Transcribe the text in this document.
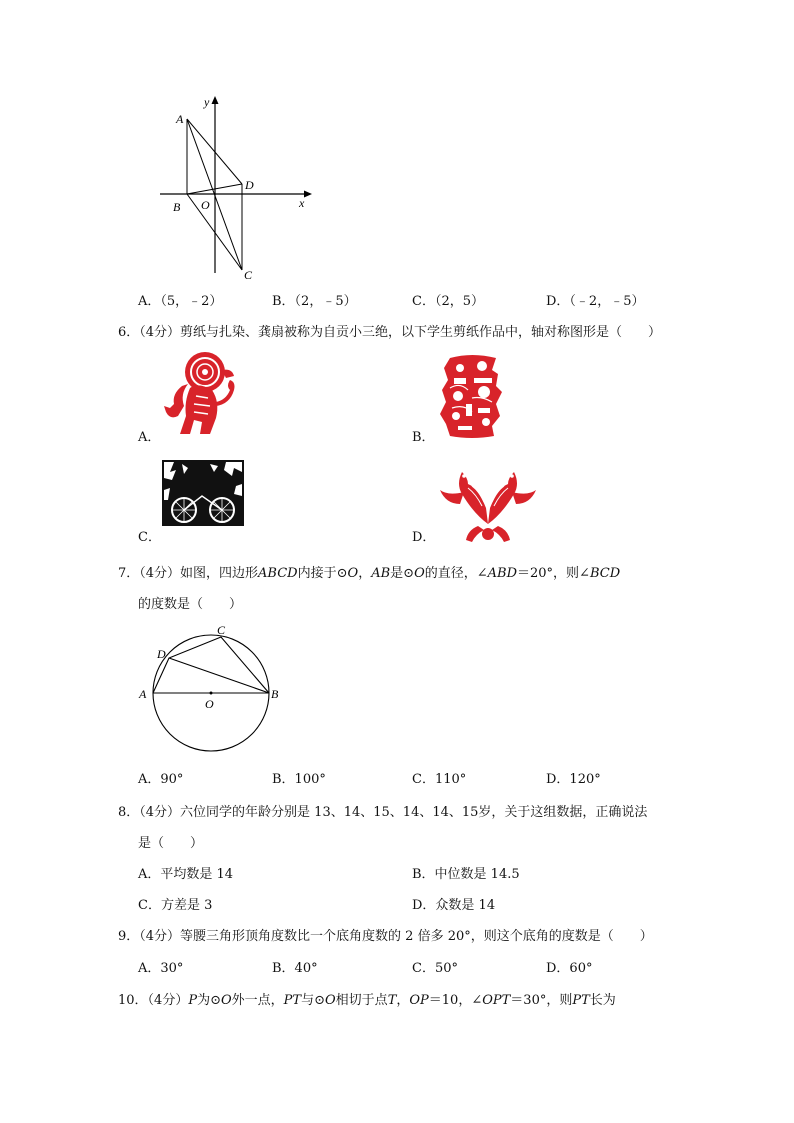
y
x
A
B O
D
C
A．（5，﹣2）	B．（2，﹣5）	C．（2，5）	D．（﹣2，﹣5）
6．（4分）剪纸与扎染、龚扇被称为自贡小三绝，以下学生剪纸作品中，轴对称图形是（　　）
A．	B．
C．	D．
7．（4分）如图，四边形ABCD内接于⊙O，AB是⊙O的直径，∠ABD＝20°，则∠BCD
的度数是（　　）
A	B
C
D
O
A．90°	B．100°	C．110°	D．120°
8．（4分）六位同学的年龄分别是 13、14、15、14、14、15岁，关于这组数据，正确说法
是（　　）
A．平均数是 14	B．中位数是 14.5
C．方差是 3	D．众数是 14
9．（4分）等腰三角形顶角度数比一个底角度数的 2 倍多 20°，则这个底角的度数是（　　）
A．30°	B．40°	C．50°	D．60°
10．（4分）P为⊙O外一点，PT与⊙O相切于点T，OP＝10，∠OPT＝30°，则PT长为
